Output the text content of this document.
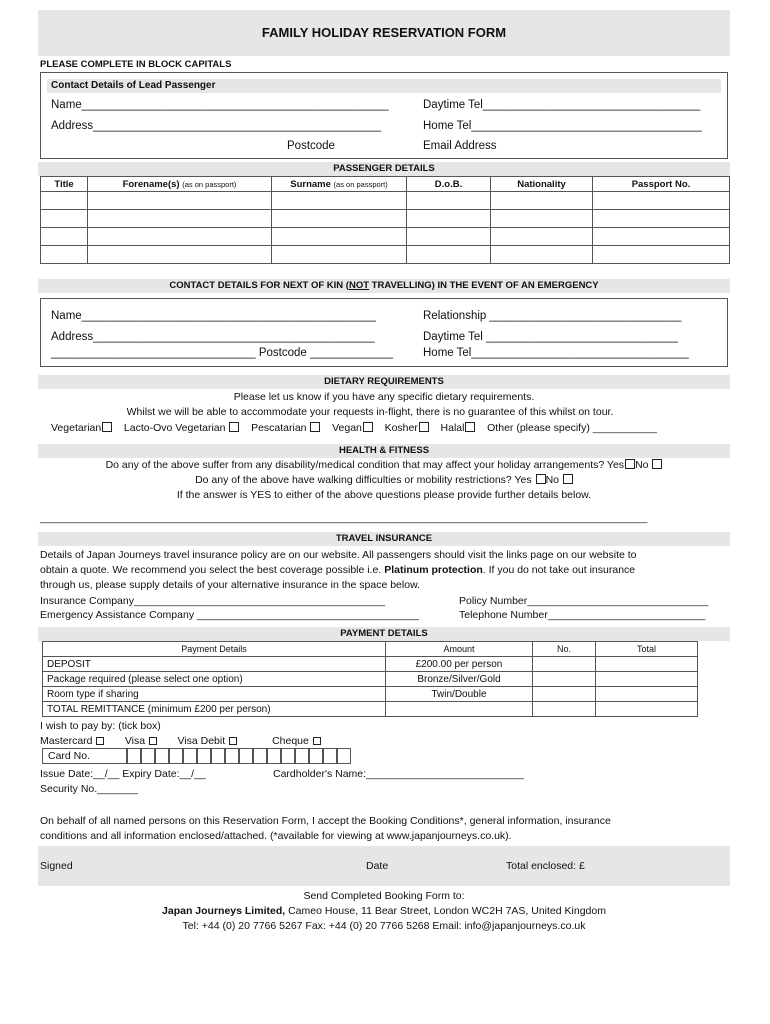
FAMILY HOLIDAY RESERVATION FORM
PLEASE COMPLETE IN BLOCK CAPITALS
Contact Details of Lead Passenger
Name________________________________________________	Daytime Tel__________________________________
Address_____________________________________________	Home Tel____________________________________
Postcode	Email Address
PASSENGER DETAILS
Title	Forename(s) (as on passport)	Surname (as on passport)	D.o.B.	Nationality	Passport No.

CONTACT DETAILS FOR NEXT OF KIN (NOT TRAVELLING) IN THE EVENT OF AN EMERGENCY
Name______________________________________________	Relationship ______________________________
Address____________________________________________	Daytime Tel ______________________________
________________________________ Postcode _____________	Home Tel__________________________________
DIETARY REQUIREMENTS
Please let us know if you have any specific dietary requirements.
Whilst we will be able to accommodate your requests in-flight, there is no guarantee of this whilst on tour.
Vegetarian Lacto-Ovo Vegetarian Pescatarian Vegan Kosher Halal Other (please specify) ___________
HEALTH & FITNESS
Do any of the above suffer from any disability/medical condition that may affect your holiday arrangements? Yes No
Do any of the above have walking difficulties or mobility restrictions? Yes No
If the answer is YES to either of the above questions please provide further details below.
________________________________________________________________________________________________________
TRAVEL INSURANCE
Details of Japan Journeys travel insurance policy are on our website. All passengers should visit the links page on our website to
obtain a quote. We recommend you select the best coverage possible i.e. Platinum protection. If you do not take out insurance
through us, please supply details of your alternative insurance in the space below.
Insurance Company___________________________________________	Policy Number_______________________________
Emergency Assistance Company ______________________________________	Telephone Number___________________________
PAYMENT DETAILS
Payment Details	Amount	No.	Total
DEPOSIT	£200.00 per person		
Package required (please select one option)	Bronze/Silver/Gold		
Room type if sharing	Twin/Double		
TOTAL REMITTANCE (minimum £200 per person)			
I wish to pay by: (tick box)
Mastercard	Visa	Visa Debit	Cheque
Card No.
Issue Date:__/__ Expiry Date:__/__	Cardholder's Name:___________________________
Security No._______
On behalf of all named persons on this Reservation Form, I accept the Booking Conditions*, general information, insurance
conditions and all information enclosed/attached. (*available for viewing at www.japanjourneys.co.uk).
Signed	Date	Total enclosed: £
Send Completed Booking Form to:
Japan Journeys Limited, Cameo House, 11 Bear Street, London WC2H 7AS, United Kingdom
Tel: +44 (0) 20 7766 5267 Fax: +44 (0) 20 7766 5268 Email: info@japanjourneys.co.uk
